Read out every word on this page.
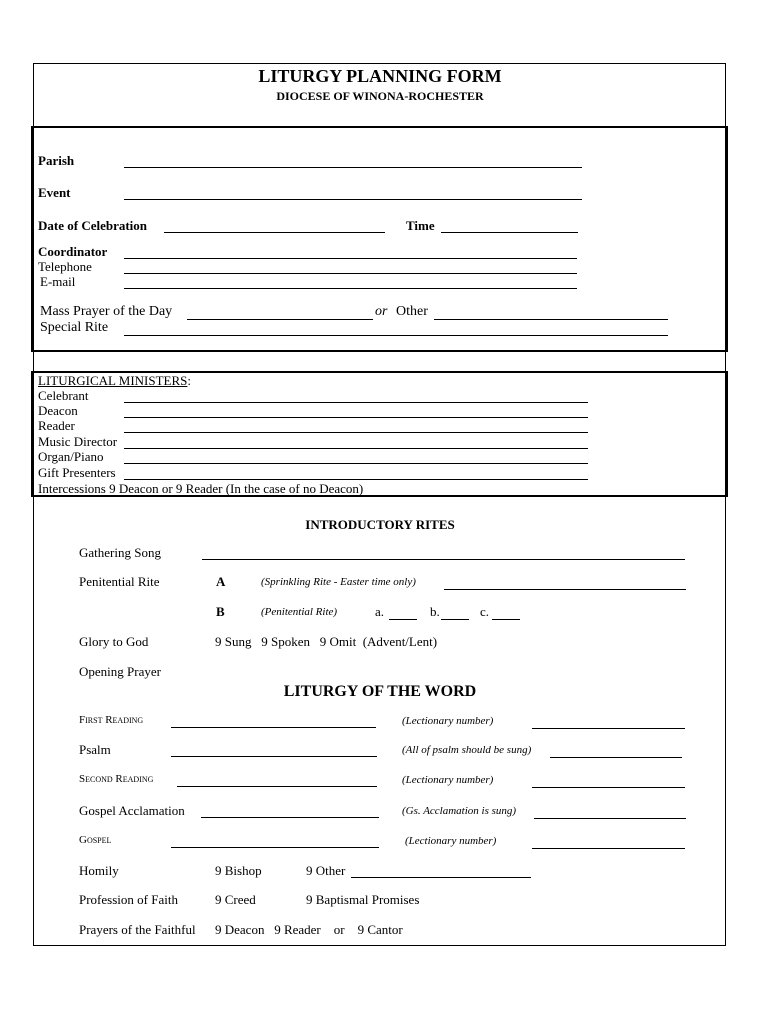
LITURGY PLANNING FORM
DIOCESE OF WINONA-ROCHESTER
Parish
Event
Date of Celebration	Time
Coordinator
Telephone
E-mail
Mass Prayer of the Day	or Other
Special Rite
LITURGICAL MINISTERS:
Celebrant
Deacon
Reader
Music Director
Organ/Piano
Gift Presenters
Intercessions 9 Deacon or 9 Reader (In the case of no Deacon)
INTRODUCTORY RITES
Gathering Song
Penitential Rite	A	(Sprinkling Rite - Easter time only)
B	(Penitential Rite)	a.	b.	c.
Glory to God	9 Sung   9 Spoken   9 Omit  (Advent/Lent)
Opening Prayer
LITURGY OF THE WORD
First Reading	(Lectionary number)
Psalm	(All of psalm should be sung)
Second Reading	(Lectionary number)
Gospel Acclamation	(Gs. Acclamation is sung)
Gospel	(Lectionary number)
Homily	9 Bishop	9 Other
Profession of Faith	9 Creed	9 Baptismal Promises
Prayers of the Faithful 9 Deacon   9 Reader    or    9 Cantor
